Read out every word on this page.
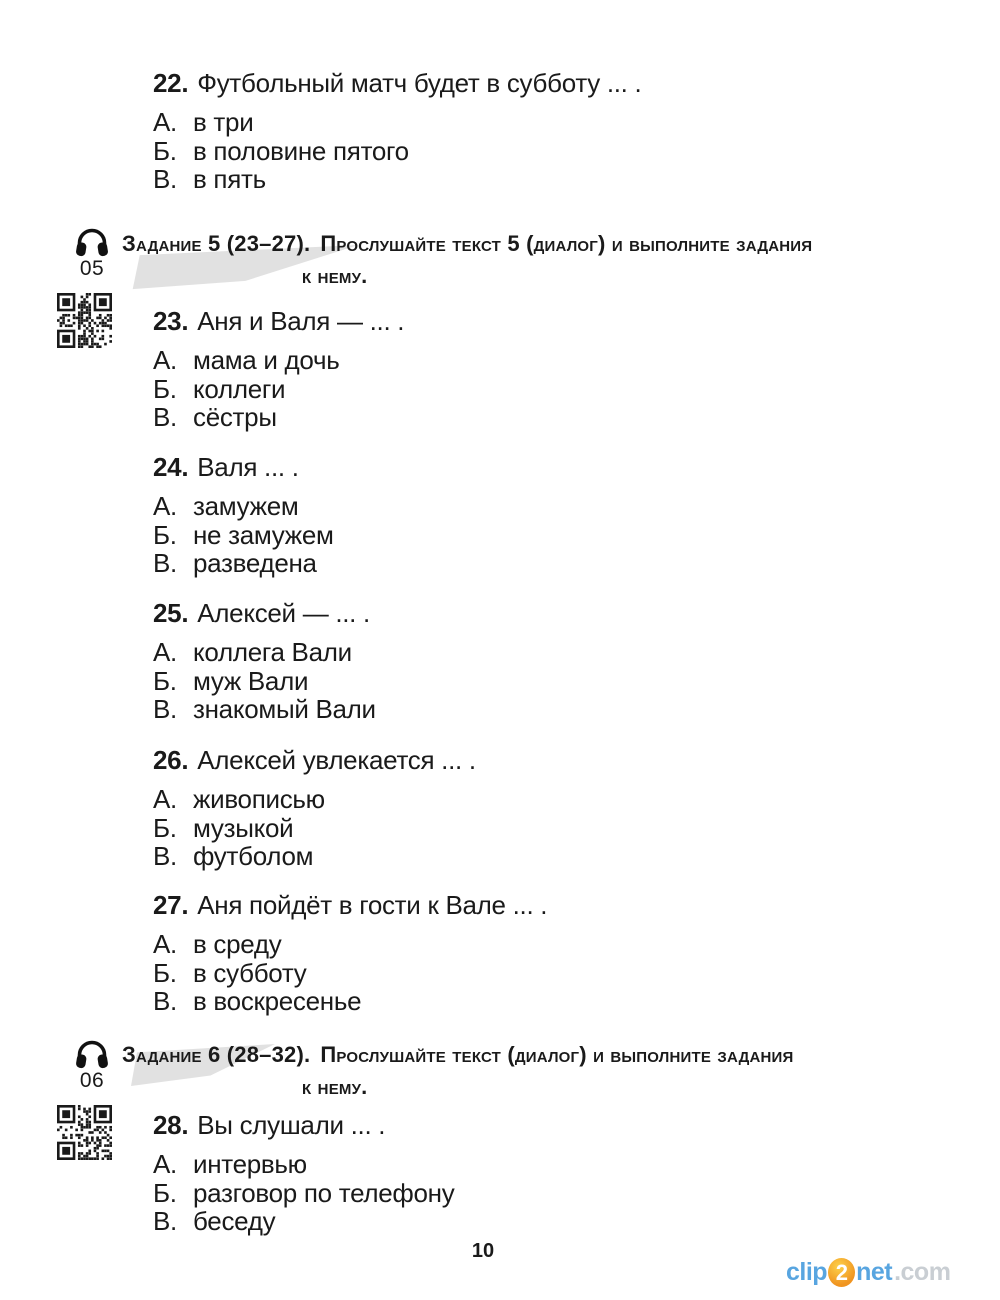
22. Футбольный матч будет в субботу ... .

А. в три

Б. в половине пятого

В. в пять

05

Задание 5 (23–27). Прослушайте текст 5 (диалог) и выполните задания

к нему.

23. Аня и Валя — ... .

А. мама и дочь

Б. коллеги

В. сёстры

24. Валя ... .

А. замужем

Б. не замужем

В. разведена

25. Алексей — ... .

А. коллега Вали

Б. муж Вали

В. знакомый Вали

26. Алексей увлекается ... .

А. живописью

Б. музыкой

В. футболом

27. Аня пойдёт в гости к Вале ... .

А. в среду

Б. в субботу

В. в воскресенье

06

Задание 6 (28–32). Прослушайте текст (диалог) и выполните задания

к нему.

28. Вы слушали ... .

А. интервью

Б. разговор по телефону

В. беседу

10
clip 2 net .com
